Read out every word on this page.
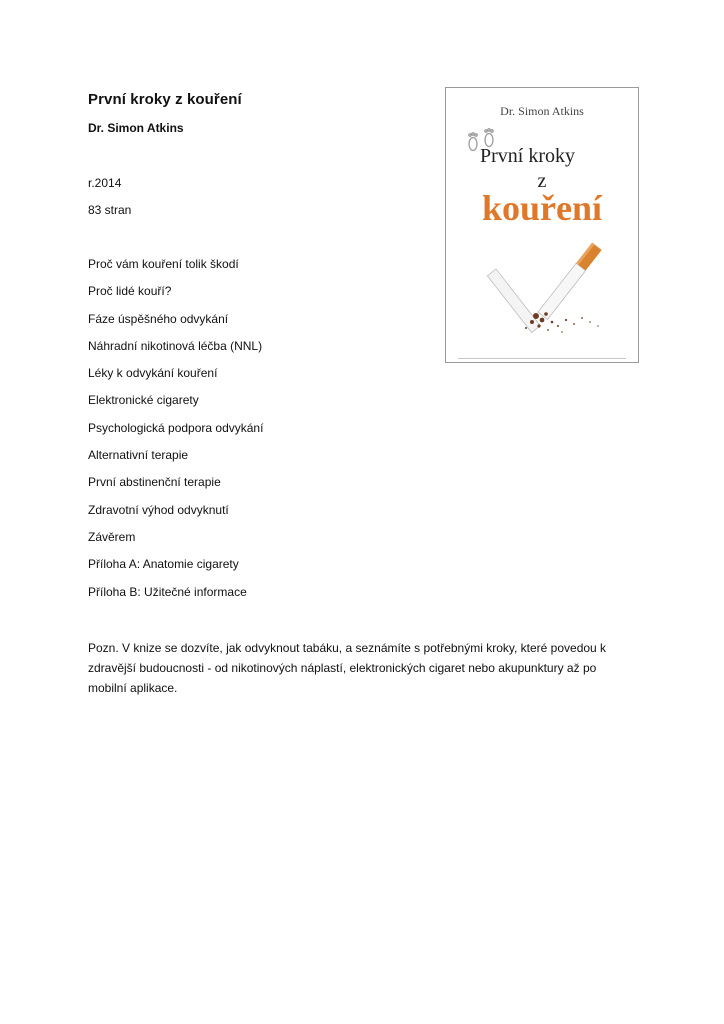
První kroky z kouření
Dr. Simon Atkins
r.2014
83 stran
Proč vám kouření tolik škodí
Proč lidé kouří?
Fáze úspěšného odvykání
Náhradní nikotinová léčba (NNL)
Léky k odvykání kouření
Elektronické cigarety
Psychologická podpora odvykání
Alternativní terapie
První abstinenční terapie
Zdravotní výhod odvyknutí
Závěrem
Příloha A: Anatomie cigarety
Příloha B: Užitečné informace

Pozn. V knize se dozvíte, jak odvyknout tabáku, a seznámíte s potřebnými kroky, které povedou k zdravější budoucnosti - od nikotinových náplastí, elektronických cigaret nebo akupunktury až po mobilní aplikace.

Dr. Simon Atkins
První kroky
z
kouření
